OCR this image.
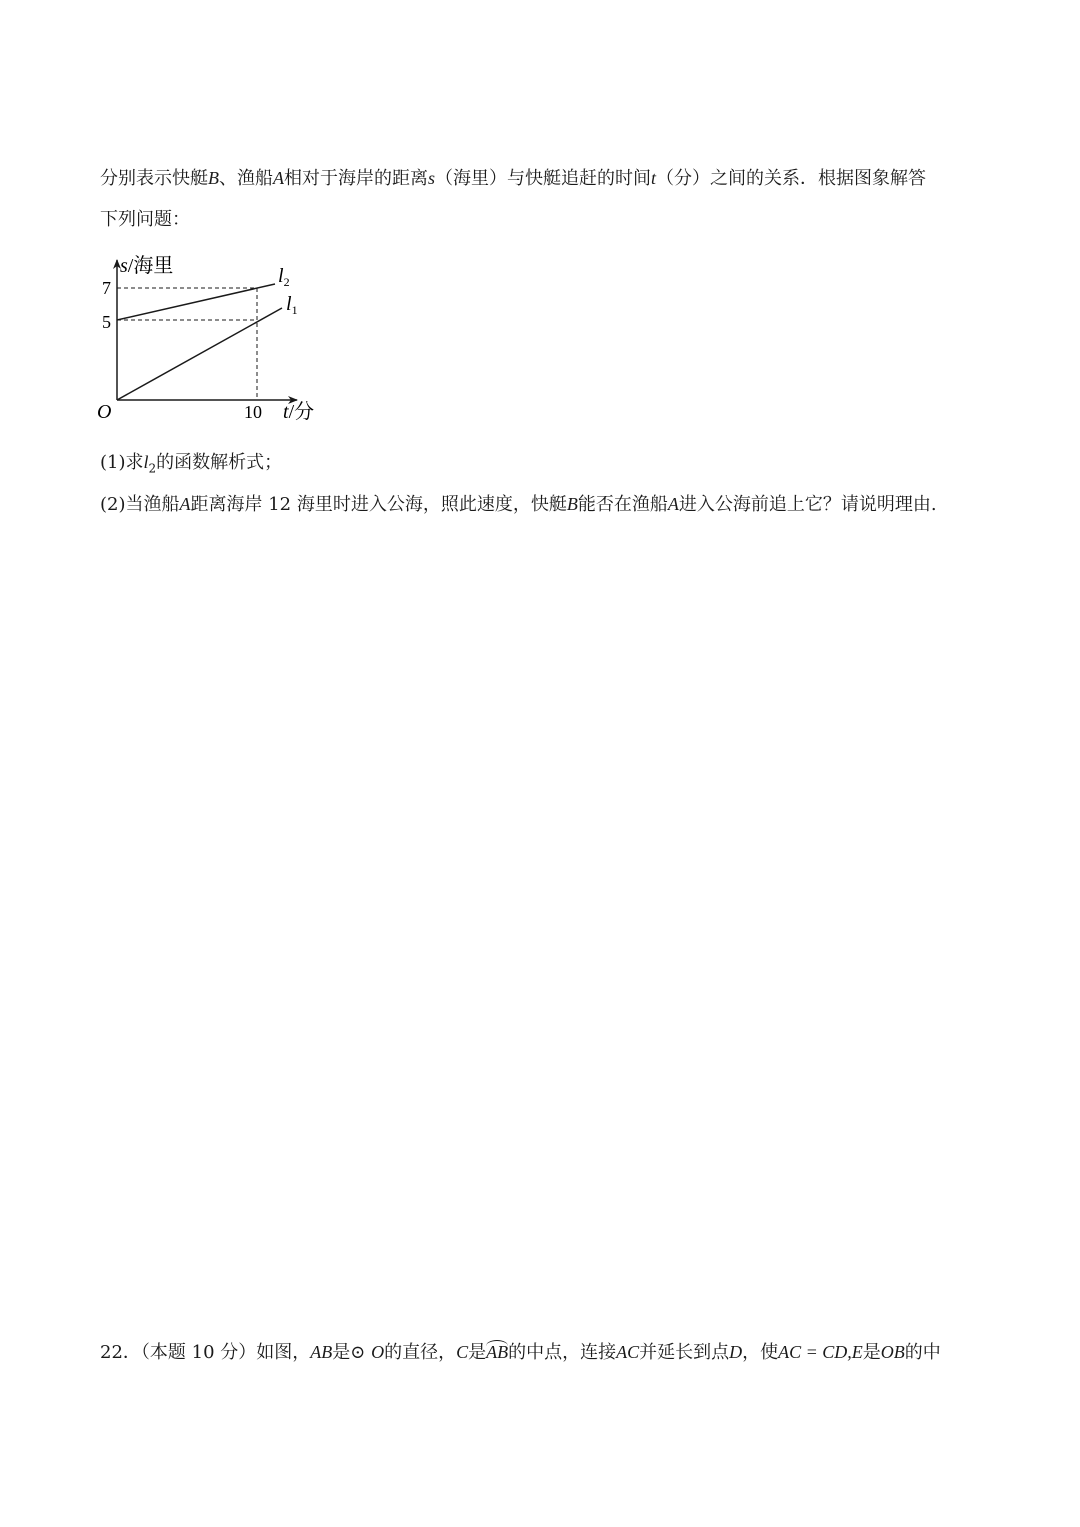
分别表示快艇B、渔船A相对于海岸的距离s（海里）与快艇追赶的时间t（分）之间的关系．根据图象解答
下列问题：
s/海里
7
5
O	10 t/分
$l_2$
$l_1$
(1)求$l_2$的函数解析式；
(2)当渔船A距离海岸 12 海里时进入公海，照此速度，快艇B能否在渔船A进入公海前追上它？请说明理由.
22．（本题 10 分）如图，AB是⊙ O的直径，C是AB的中点，连接AC并延长到点D，使AC = CD,E是OB的中
